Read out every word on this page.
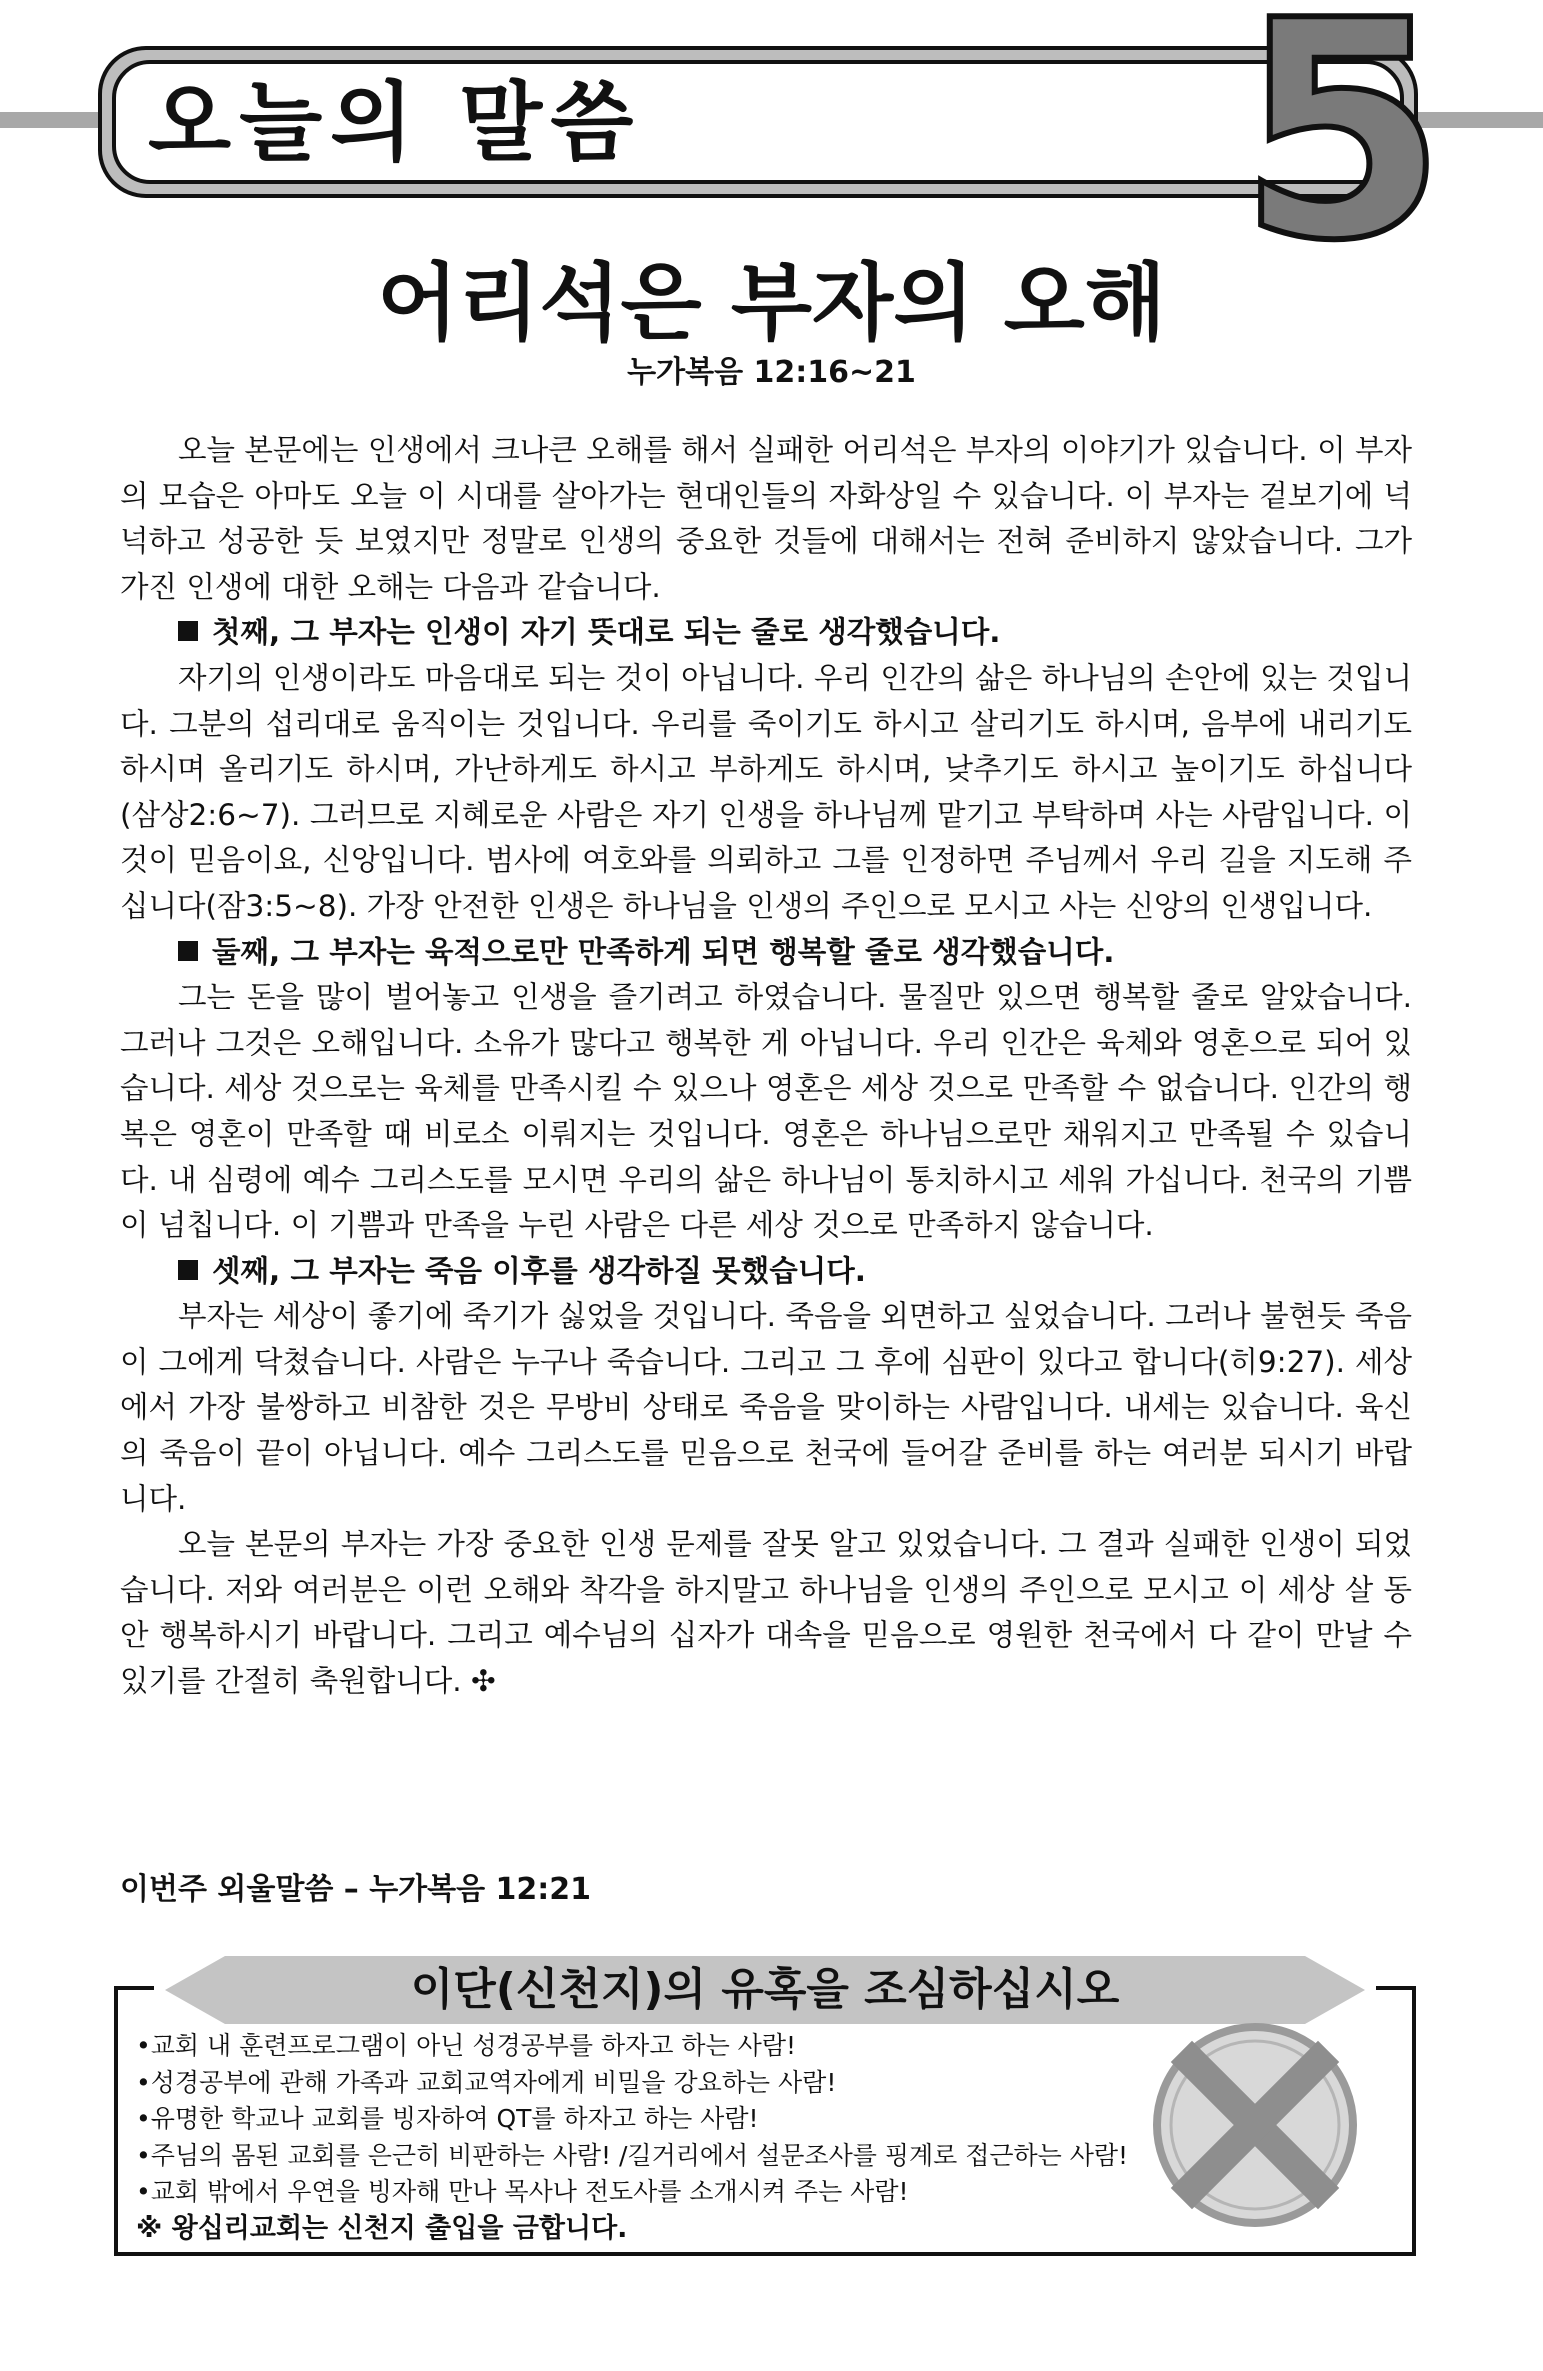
오늘의 말씀 5
어리석은 부자의 오해
누가복음 12:16~21

오늘 본문에는 인생에서 크나큰 오해를 해서 실패한 어리석은 부자의 이야기가 있습니다. 이 부자의 모습은 아마도 오늘 이 시대를 살아가는 현대인들의 자화상일 수 있습니다. 이 부자는 겉보기에 넉넉하고 성공한 듯 보였지만 정말로 인생의 중요한 것들에 대해서는 전혀 준비하지 않았습니다. 그가 가진 인생에 대한 오해는 다음과 같습니다.

첫째, 그 부자는 인생이 자기 뜻대로 되는 줄로 생각했습니다.

자기의 인생이라도 마음대로 되는 것이 아닙니다. 우리 인간의 삶은 하나님의 손안에 있는 것입니다. 그분의 섭리대로 움직이는 것입니다. 우리를 죽이기도 하시고 살리기도 하시며, 음부에 내리기도 하시며 올리기도 하시며, 가난하게도 하시고 부하게도 하시며, 낮추기도 하시고 높이기도 하십니다(삼상2:6~7). 그러므로 지혜로운 사람은 자기 인생을 하나님께 맡기고 부탁하며 사는 사람입니다. 이것이 믿음이요, 신앙입니다. 범사에 여호와를 의뢰하고 그를 인정하면 주님께서 우리 길을 지도해 주십니다(잠3:5~8). 가장 안전한 인생은 하나님을 인생의 주인으로 모시고 사는 신앙의 인생입니다.

둘째, 그 부자는 육적으로만 만족하게 되면 행복할 줄로 생각했습니다.

그는 돈을 많이 벌어놓고 인생을 즐기려고 하였습니다. 물질만 있으면 행복할 줄로 알았습니다. 그러나 그것은 오해입니다. 소유가 많다고 행복한 게 아닙니다. 우리 인간은 육체와 영혼으로 되어 있습니다. 세상 것으로는 육체를 만족시킬 수 있으나 영혼은 세상 것으로 만족할 수 없습니다. 인간의 행복은 영혼이 만족할 때 비로소 이뤄지는 것입니다. 영혼은 하나님으로만 채워지고 만족될 수 있습니다. 내 심령에 예수 그리스도를 모시면 우리의 삶은 하나님이 통치하시고 세워 가십니다. 천국의 기쁨이 넘칩니다. 이 기쁨과 만족을 누린 사람은 다른 세상 것으로 만족하지 않습니다.

셋째, 그 부자는 죽음 이후를 생각하질 못했습니다.

부자는 세상이 좋기에 죽기가 싫었을 것입니다. 죽음을 외면하고 싶었습니다. 그러나 불현듯 죽음이 그에게 닥쳤습니다. 사람은 누구나 죽습니다. 그리고 그 후에 심판이 있다고 합니다(히9:27). 세상에서 가장 불쌍하고 비참한 것은 무방비 상태로 죽음을 맞이하는 사람입니다. 내세는 있습니다. 육신의 죽음이 끝이 아닙니다. 예수 그리스도를 믿음으로 천국에 들어갈 준비를 하는 여러분 되시기 바랍니다.

오늘 본문의 부자는 가장 중요한 인생 문제를 잘못 알고 있었습니다. 그 결과 실패한 인생이 되었습니다. 저와 여러분은 이런 오해와 착각을 하지말고 하나님을 인생의 주인으로 모시고 이 세상 살 동안 행복하시기 바랍니다. 그리고 예수님의 십자가 대속을 믿음으로 영원한 천국에서 다 같이 만날 수 있기를 간절히 축원합니다. ✣

이번주 외울말씀 – 누가복음 12:21
이단(신천지)의 유혹을 조심하십시오
•교회 내 훈련프로그램이 아닌 성경공부를 하자고 하는 사람!
•성경공부에 관해 가족과 교회교역자에게 비밀을 강요하는 사람!
•유명한 학교나 교회를 빙자하여 QT를 하자고 하는 사람!
•주님의 몸된 교회를 은근히 비판하는 사람! /길거리에서 설문조사를 핑계로 접근하는 사람!
•교회 밖에서 우연을 빙자해 만나 목사나 전도사를 소개시켜 주는 사람!
※ 왕십리교회는 신천지 출입을 금합니다.
